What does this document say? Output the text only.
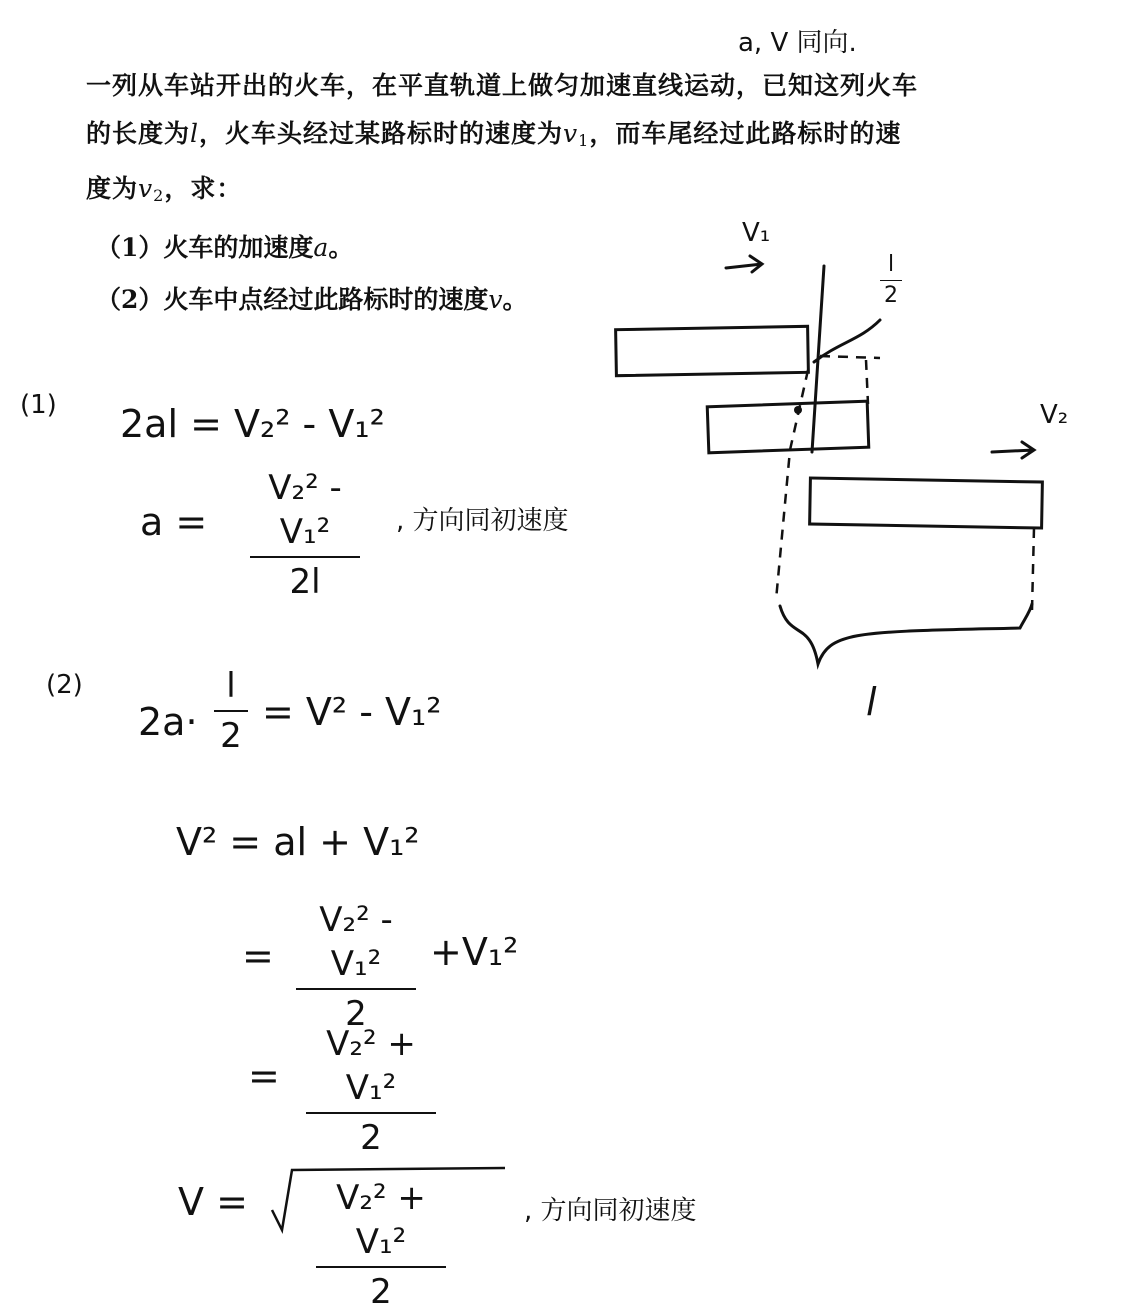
一列从车站开出的火车，在平直轨道上做匀加速直线运动，已知这列火车

的长度为l，火车头经过某路标时的速度为$v_1$，而车尾经过此路标时的速

度为$v_2$，求：

（1）火车的加速度a。
（2）火车中点经过此路标时的速度v。
a, V 同向.
(1) 2al = V₂² - V₁²
a =
V₂² - V₁²
2l
, 方向同初速度
(2)
2a·
l
2
= V² - V₁²
V² = al + V₁²
=
V₂² - V₁²
2
+V₁²
=
V₂² + V₁²
2
V =	V₂² + V₁²
2
, 方向同初速度
V₁
V₂
l
2
l
